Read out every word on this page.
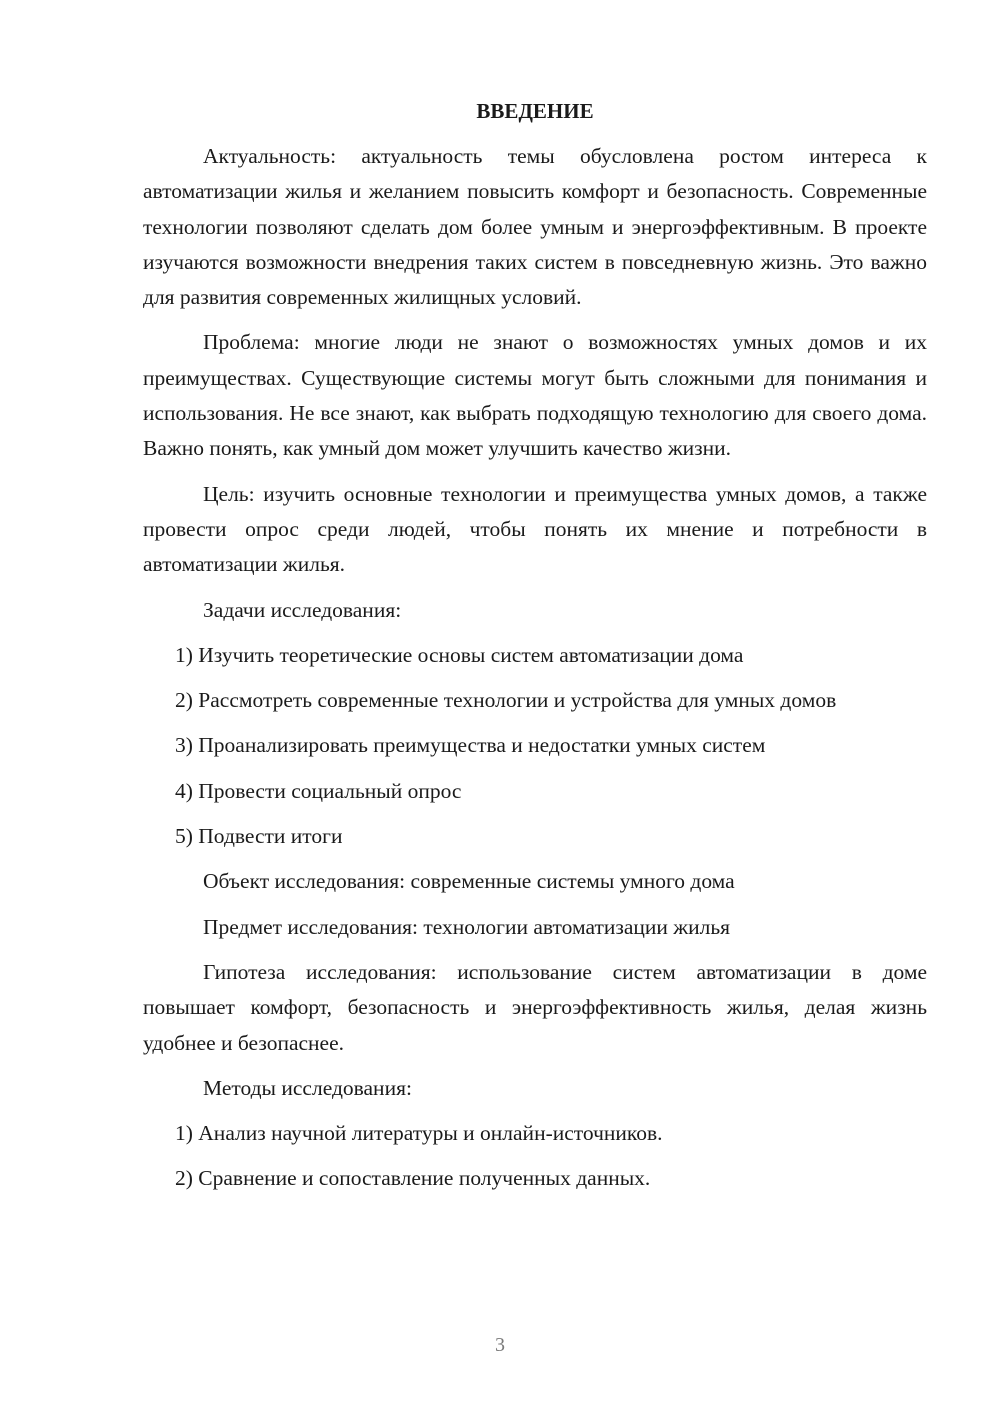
ВВЕДЕНИЕ

Актуальность: актуальность темы обусловлена ростом интереса к автоматизации жилья и желанием повысить комфорт и безопасность. Современные технологии позволяют сделать дом более умным и энергоэффективным. В проекте изучаются возможности внедрения таких систем в повседневную жизнь. Это важно для развития современных жилищных условий.

Проблема: многие люди не знают о возможностях умных домов и их преимуществах. Существующие системы могут быть сложными для понимания и использования. Не все знают, как выбрать подходящую технологию для своего дома. Важно понять, как умный дом может улучшить качество жизни.

Цель: изучить основные технологии и преимущества умных домов, а также провести опрос среди людей, чтобы понять их мнение и потребности в автоматизации жилья.

Задачи исследования:

1) Изучить теоретические основы систем автоматизации дома

2) Рассмотреть современные технологии и устройства для умных домов

3) Проанализировать преимущества и недостатки умных систем

4) Провести социальный опрос

5) Подвести итоги

Объект исследования: современные системы умного дома

Предмет исследования: технологии автоматизации жилья

Гипотеза исследования: использование систем автоматизации в доме повышает комфорт, безопасность и энергоэффективность жилья, делая жизнь удобнее и безопаснее.

Методы исследования:

1) Анализ научной литературы и онлайн-источников.

2) Сравнение и сопоставление полученных данных.

3
